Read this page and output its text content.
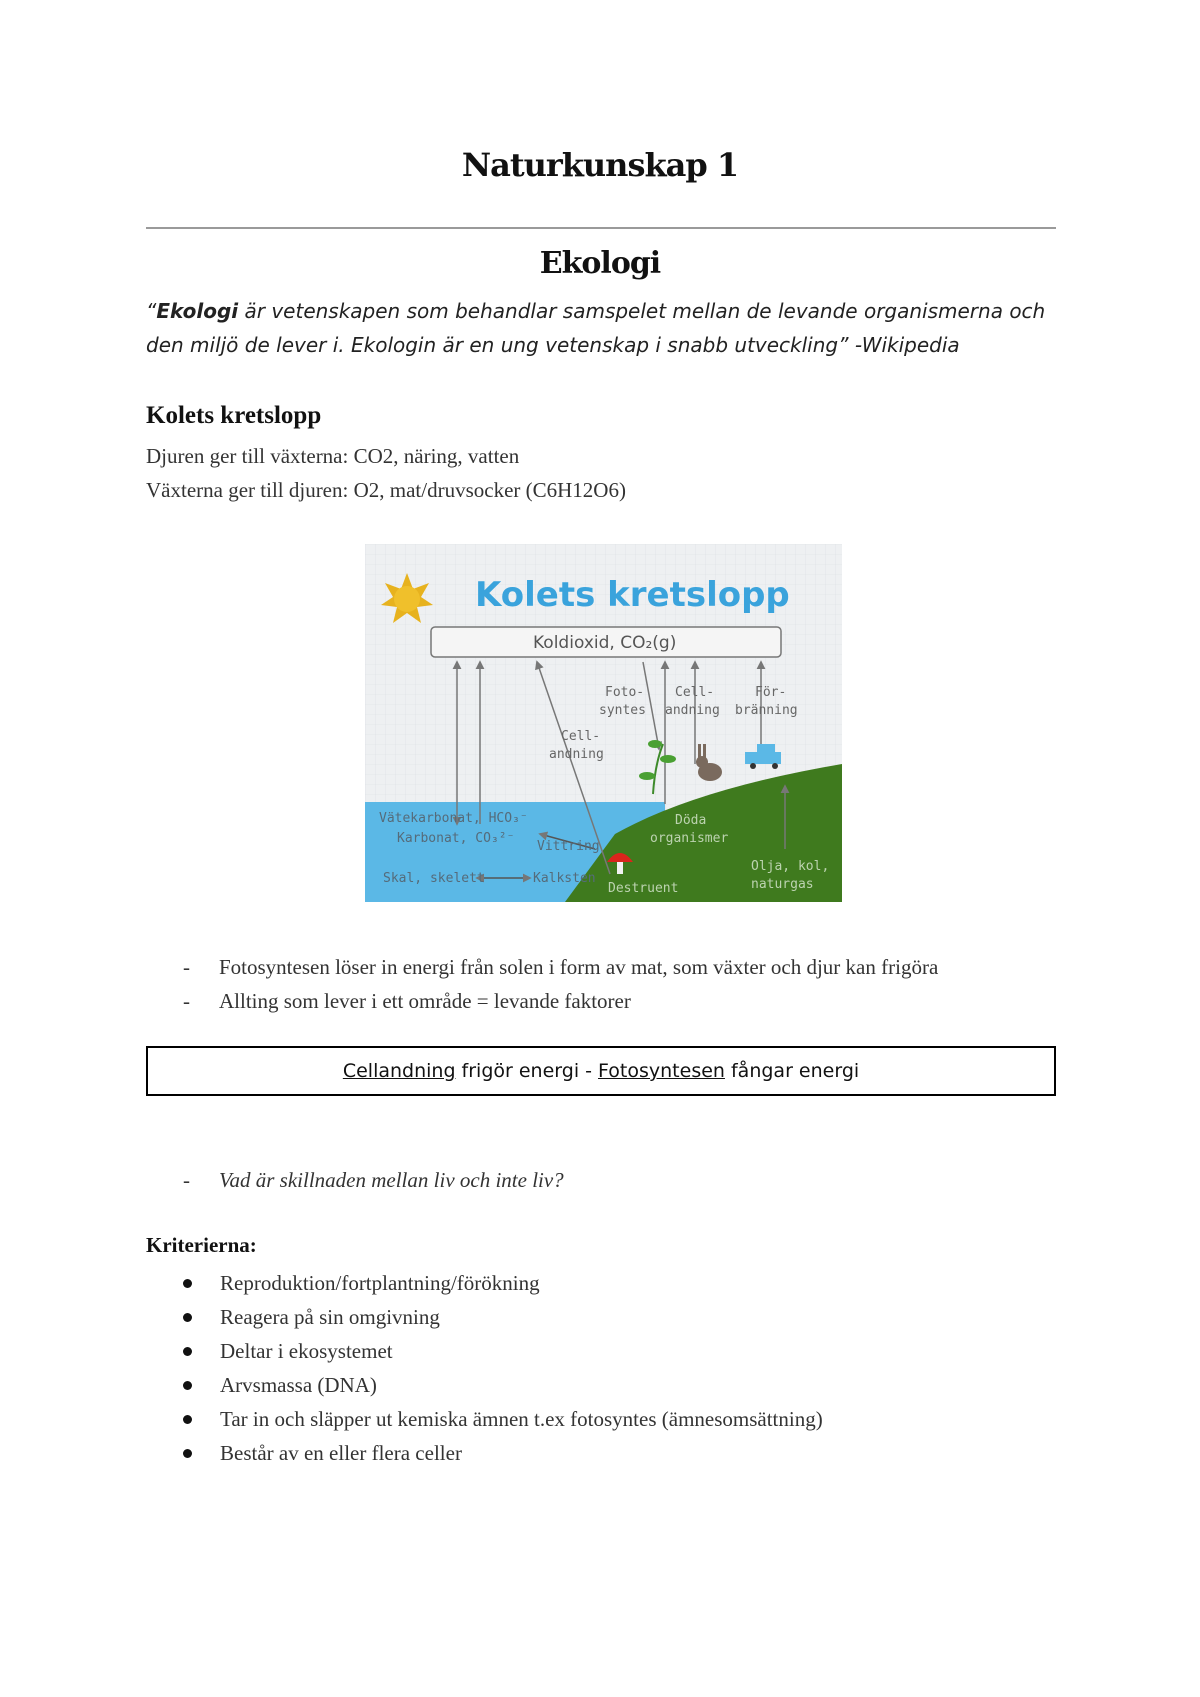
Naturkunskap 1
Ekologi
“Ekologi är vetenskapen som behandlar samspelet mellan de levande organismerna och den miljö de lever i. Ekologin är en ung vetenskap i snabb utveckling” -Wikipedia
Kolets kretslopp
Djuren ger till växterna: CO2, näring, vatten
Växterna ger till djuren: O2, mat/druvsocker (C6H12O6)
Kolets kretslopp
Koldioxid, CO₂(g)
Foto- syntes Cell- andning För- bränning Cell- andning
Vätekarbonat, HCO₃⁻ Karbonat, CO₃²⁻ Vittring Skal, skelett	Kalksten
Döda organismer Destruent Olja, kol, naturgas
- Fotosyntesen löser in energi från solen i form av mat, som växter och djur kan frigöra
- Allting som lever i ett område = levande faktorer
Cellandning frigör energi - Fotosyntesen fångar energi
- Vad är skillnaden mellan liv och inte liv?
Kriterierna:
Reproduktion/fortplantning/förökning
Reagera på sin omgivning
Deltar i ekosystemet
Arvsmassa (DNA)
Tar in och släpper ut kemiska ämnen t.ex fotosyntes (ämnesomsättning)
Består av en eller flera celler
